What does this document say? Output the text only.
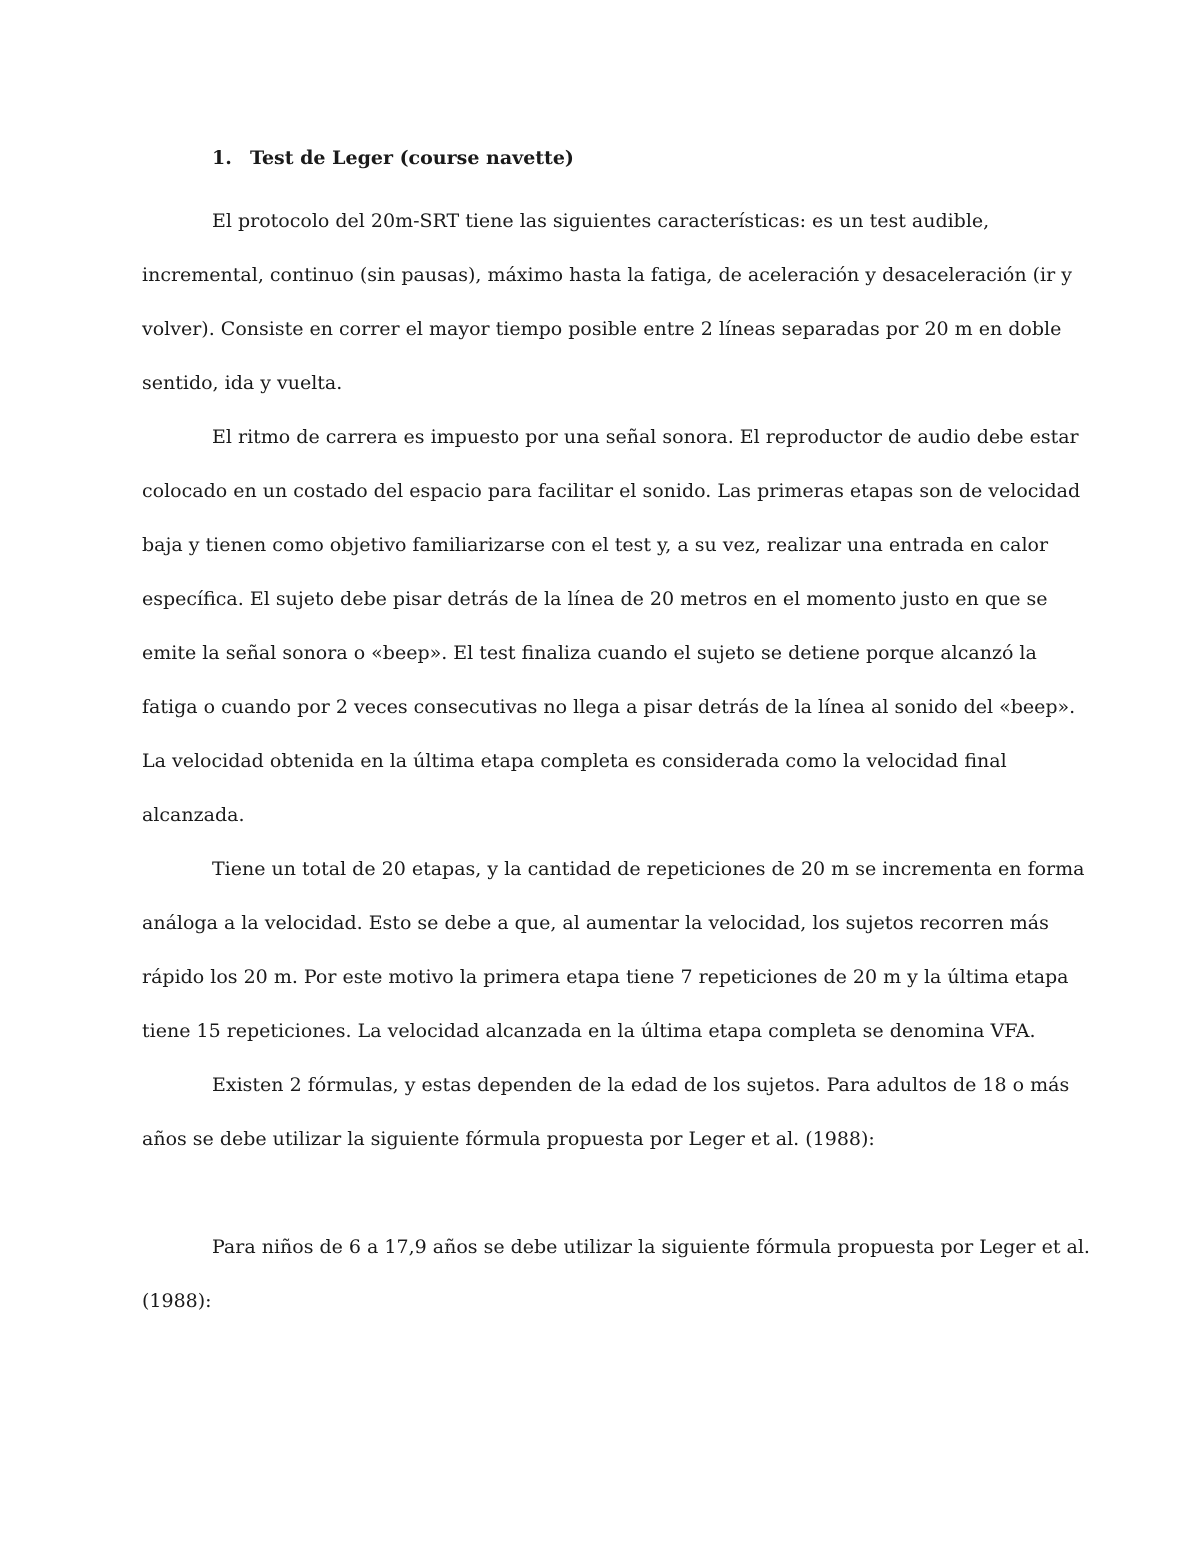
1. Test de Leger (course navette)
El protocolo del 20m-SRT tiene las siguientes características: es un test audible,
incremental, continuo (sin pausas), máximo hasta la fatiga, de aceleración y desaceleración (ir y
volver). Consiste en correr el mayor tiempo posible entre 2 líneas separadas por 20 m en doble
sentido, ida y vuelta.
El ritmo de carrera es impuesto por una señal sonora. El reproductor de audio debe estar
colocado en un costado del espacio para facilitar el sonido. Las primeras etapas son de velocidad
baja y tienen como objetivo familiarizarse con el test y, a su vez, realizar una entrada en calor
específica. El sujeto debe pisar detrás de la línea de 20 metros en el momento justo en que se
emite la señal sonora o «beep». El test finaliza cuando el sujeto se detiene porque alcanzó la
fatiga o cuando por 2 veces consecutivas no llega a pisar detrás de la línea al sonido del «beep».
La velocidad obtenida en la última etapa completa es considerada como la velocidad final
alcanzada.
Tiene un total de 20 etapas, y la cantidad de repeticiones de 20 m se incrementa en forma
análoga a la velocidad. Esto se debe a que, al aumentar la velocidad, los sujetos recorren más
rápido los 20 m. Por este motivo la primera etapa tiene 7 repeticiones de 20 m y la última etapa
tiene 15 repeticiones. La velocidad alcanzada en la última etapa completa se denomina VFA.
Existen 2 fórmulas, y estas dependen de la edad de los sujetos. Para adultos de 18 o más
años se debe utilizar la siguiente fórmula propuesta por Leger et al. (1988):
Para niños de 6 a 17,9 años se debe utilizar la siguiente fórmula propuesta por Leger et al.
(1988):
